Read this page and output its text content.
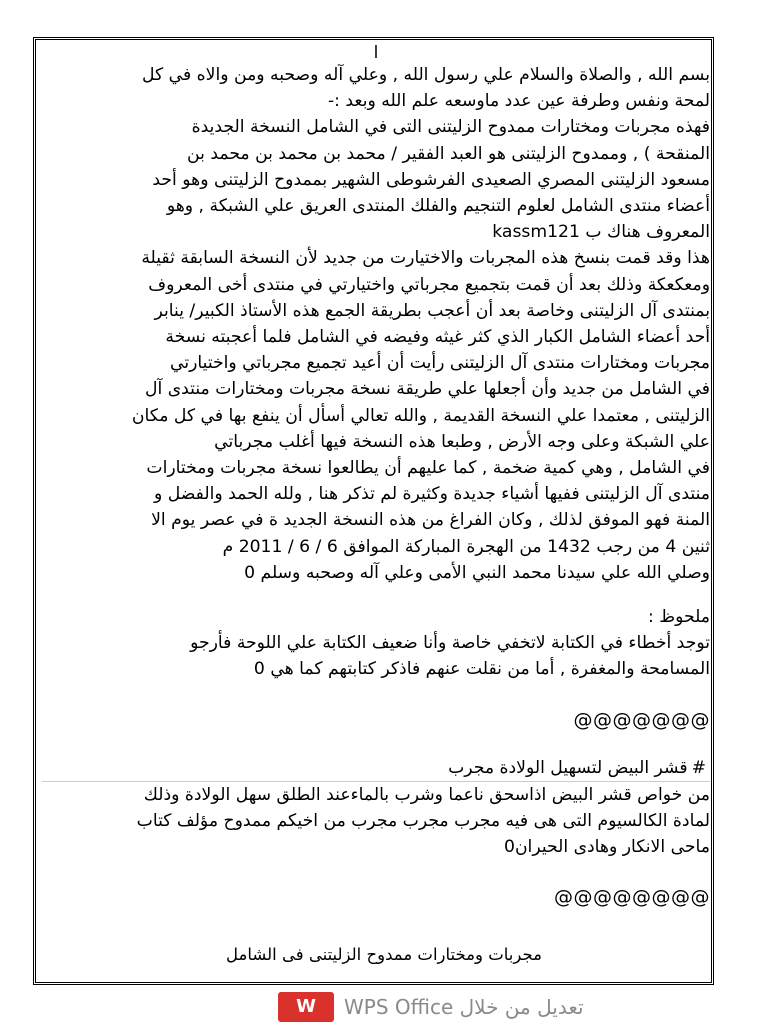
ا
بسم الله , والصلاة والسلام علي رسول الله , وعلي آله وصحبه ومن والاه في كل
لمحة ونفس وطرفة عين عدد ماوسعه علم الله وبعد :-
فهذه مجربات ومختارات ممدوح الزليتنى التى في الشامل النسخة الجديدة
المنقحة ) , وممدوح الزليتنى هو العبد الفقير / محمد بن محمد بن محمد بن
مسعود الزليتنى المصري الصعيدى الفرشوطى الشهير بممدوح الزليتنى وهو أحد
أعضاء منتدى الشامل لعلوم التنجيم والفلك المنتدى العريق علي الشبكة , وهو
المعروف هناك ب kassm121
هذا وقد قمت بنسخ هذه المجربات والاختيارت من جديد لأن النسخة السابقة ثقيلة
ومعكعكة وذلك بعد أن قمت بتجميع مجرباتي واختيارتي في منتدى أخى المعروف
بمنتدى آل الزليتنى وخاصة بعد أن أعجب بطريقة الجمع هذه الأستاذ الكبير/ ينابر
أحد أعضاء الشامل الكبار الذي كثر غيثه وفيضه في الشامل فلما أعجبته نسخة
مجربات ومختارات منتدى آل الزليتنى رأيت أن أعيد تجميع مجرباتي واختيارتي
في الشامل من جديد وأن أجعلها علي طريقة نسخة مجربات ومختارات منتدى آل
الزليتنى , معتمدا علي النسخة القديمة , والله تعالي أسأل أن ينفع بها في كل مكان
علي الشبكة وعلى وجه الأرض , وطبعا هذه النسخة فيها أغلب مجرباتي
في الشامل , وهي كمية ضخمة , كما عليهم أن يطالعوا نسخة مجربات ومختارات
منتدى آل الزليتنى ففيها أشياء جديدة وكثيرة لم تذكر هنا , ولله الحمد والفضل و
المنة فهو الموفق لذلك , وكان الفراغ من هذه النسخة الجديد ة في عصر يوم الا
ثنين 4 من رجب 1432 من الهجرة المباركة الموافق 6 / 6 / 2011 م
وصلي الله علي سيدنا محمد النبي الأمى وعلي آله وصحبه وسلم 0
ملحوظ :
توجد أخطاء في الكتابة لاتخفي خاصة وأنا ضعيف الكتابة علي اللوحة فأرجو
المسامحة والمغفرة , أما من نقلت عنهم فاذكر كتابتهم كما هي 0
@@@@@@@
#قشر البيض لتسهيل الولادة مجرب
من خواص قشر البيض اذاسحق ناعما وشرب بالماءعند الطلق سهل الولادة وذلك
لمادة الكالسيوم التى هى فيه مجرب مجرب مجرب من اخيكم ممدوح مؤلف كتاب
ماحى الانكار وهادى الحيران0
@@@@@@@@
مجربات ومختارات ممدوح الزليتنى فى الشامل
W	تعديل من خلال WPS Office
